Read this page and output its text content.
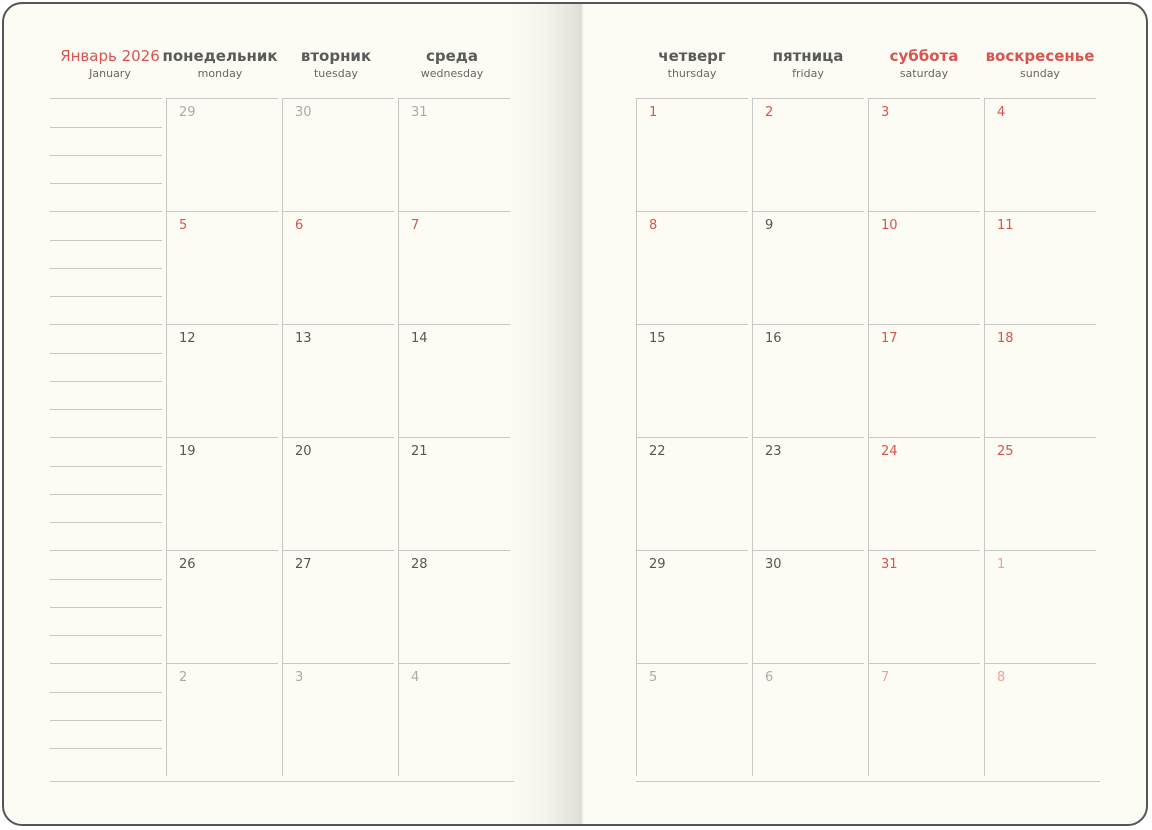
Январь 2026
January
29	30	31	1	2	3	4
5	6	7	8	9	10	11
12	13	14	15	16	17	18
19	20	21	22	23	24	25
26	27	28	29	30	31	1
2	3	4	5	6	7	8
понедельник
monday
вторник
tuesday
среда
wednesday
четверг
thursday
пятница
friday
суббота
saturday
воскресенье
sunday
